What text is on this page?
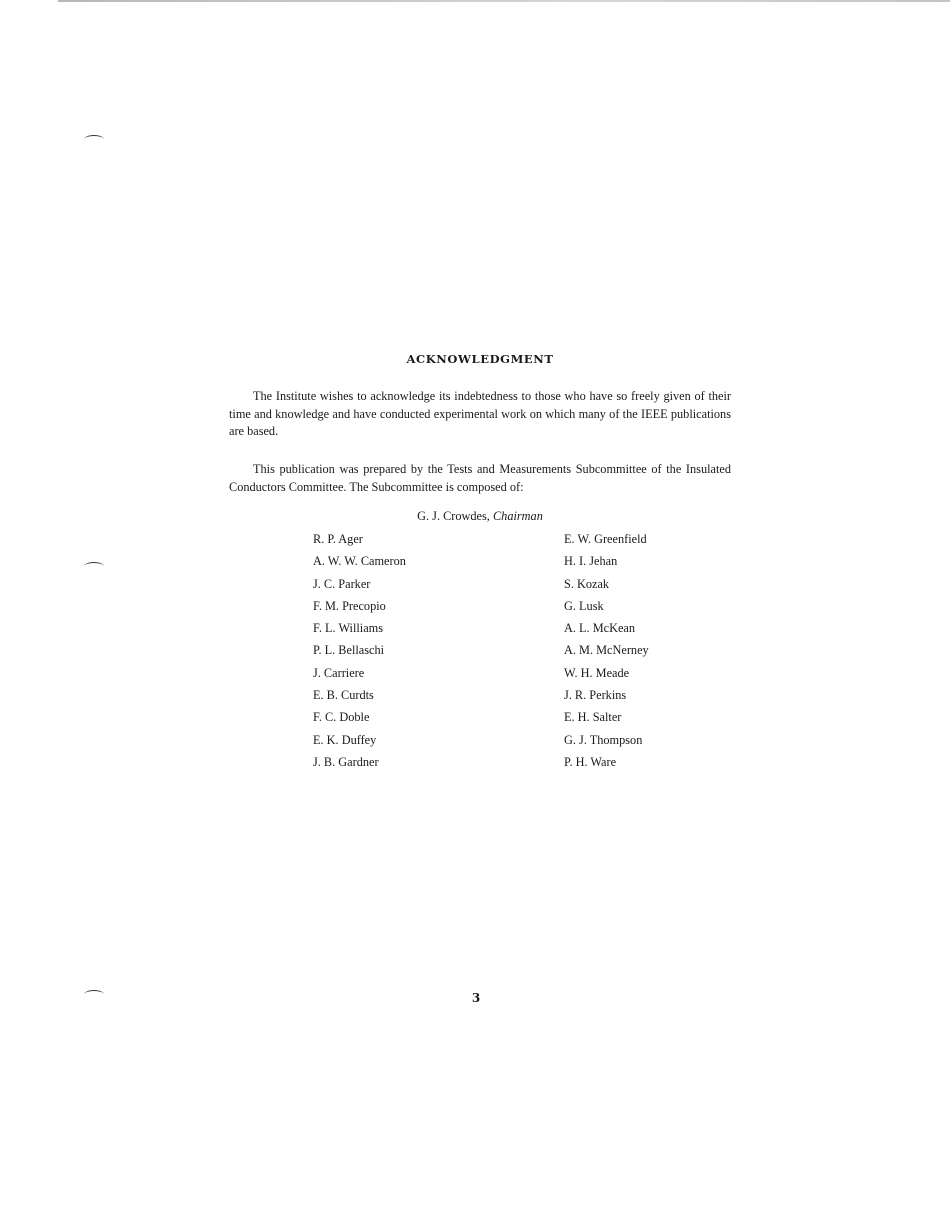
ACKNOWLEDGMENT

The Institute wishes to acknowledge its indebtedness to those who have so freely given of their time and knowledge and have conducted experimental work on which many of the IEEE publications are based.

This publication was prepared by the Tests and Measurements Subcommittee of the Insulated Conductors Committee. The Subcommittee is composed of:

G. J. Crowdes, Chairman
R. P. Ager
A. W. W. Cameron
J. C. Parker
F. M. Precopio
F. L. Williams
P. L. Bellaschi
J. Carriere
E. B. Curdts
F. C. Doble
E. K. Duffey
J. B. Gardner
E. W. Greenfield
H. I. Jehan
S. Kozak
G. Lusk
A. L. McKean
A. M. McNerney
W. H. Meade
J. R. Perkins
E. H. Salter
G. J. Thompson
P. H. Ware
3
